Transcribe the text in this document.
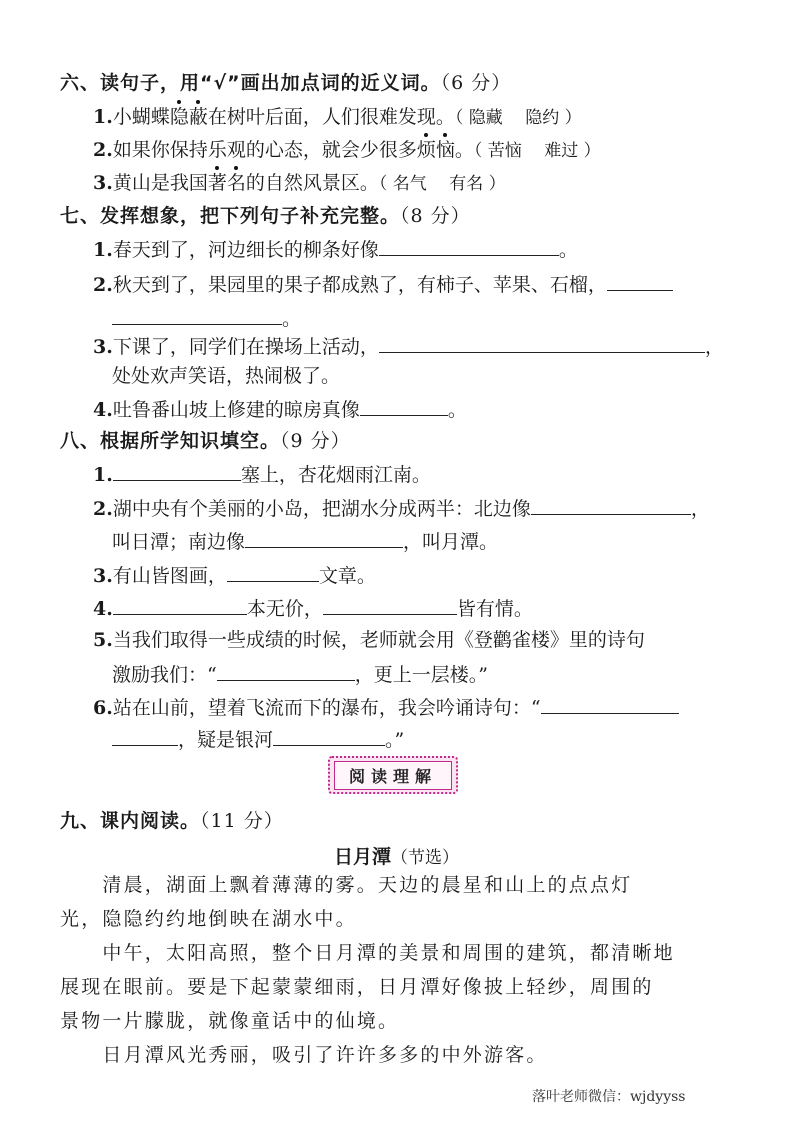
六、读句子，用“√”画出加点词的近义词。（6 分）
1.小蝴蝶隐蔽在树叶后面，人们很难发现。（ 隐藏　 隐约 ）
2.如果你保持乐观的心态，就会少很多烦恼。（ 苦恼　 难过 ）
3.黄山是我国著名的自然风景区。（ 名气　 有名 ）
七、发挥想象，把下列句子补充完整。（8 分）
1.春天到了，河边细长的柳条好像	。
2.秋天到了，果园里的果子都成熟了，有柿子、苹果、石榴，
。
3.下课了，同学们在操场上活动，	，
处处欢声笑语，热闹极了。
4.吐鲁番山坡上修建的晾房真像	。
八、根据所学知识填空。（9 分）
1.	塞上，杏花烟雨江南。
2.湖中央有个美丽的小岛，把湖水分成两半：北边像	，
叫日潭；南边像	，叫月潭。
3.有山皆图画，	文章。
4.	本无价，	皆有情。
5.当我们取得一些成绩的时候，老师就会用《登鹳雀楼》里的诗句
激励我们：“	，更上一层楼。”
6.站在山前，望着飞流而下的瀑布，我会吟诵诗句：“
，疑是银河	。”
阅读理解
九、课内阅读。（11 分）
日月潭（节选）
　　清晨，湖面上飘着薄薄的雾。天边的晨星和山上的点点灯
光，隐隐约约地倒映在湖水中。
　　中午，太阳高照，整个日月潭的美景和周围的建筑，都清晰地
展现在眼前。要是下起蒙蒙细雨，日月潭好像披上轻纱，周围的
景物一片朦胧，就像童话中的仙境。
　　日月潭风光秀丽，吸引了许许多多的中外游客。
落叶老师微信：wjdyyss
